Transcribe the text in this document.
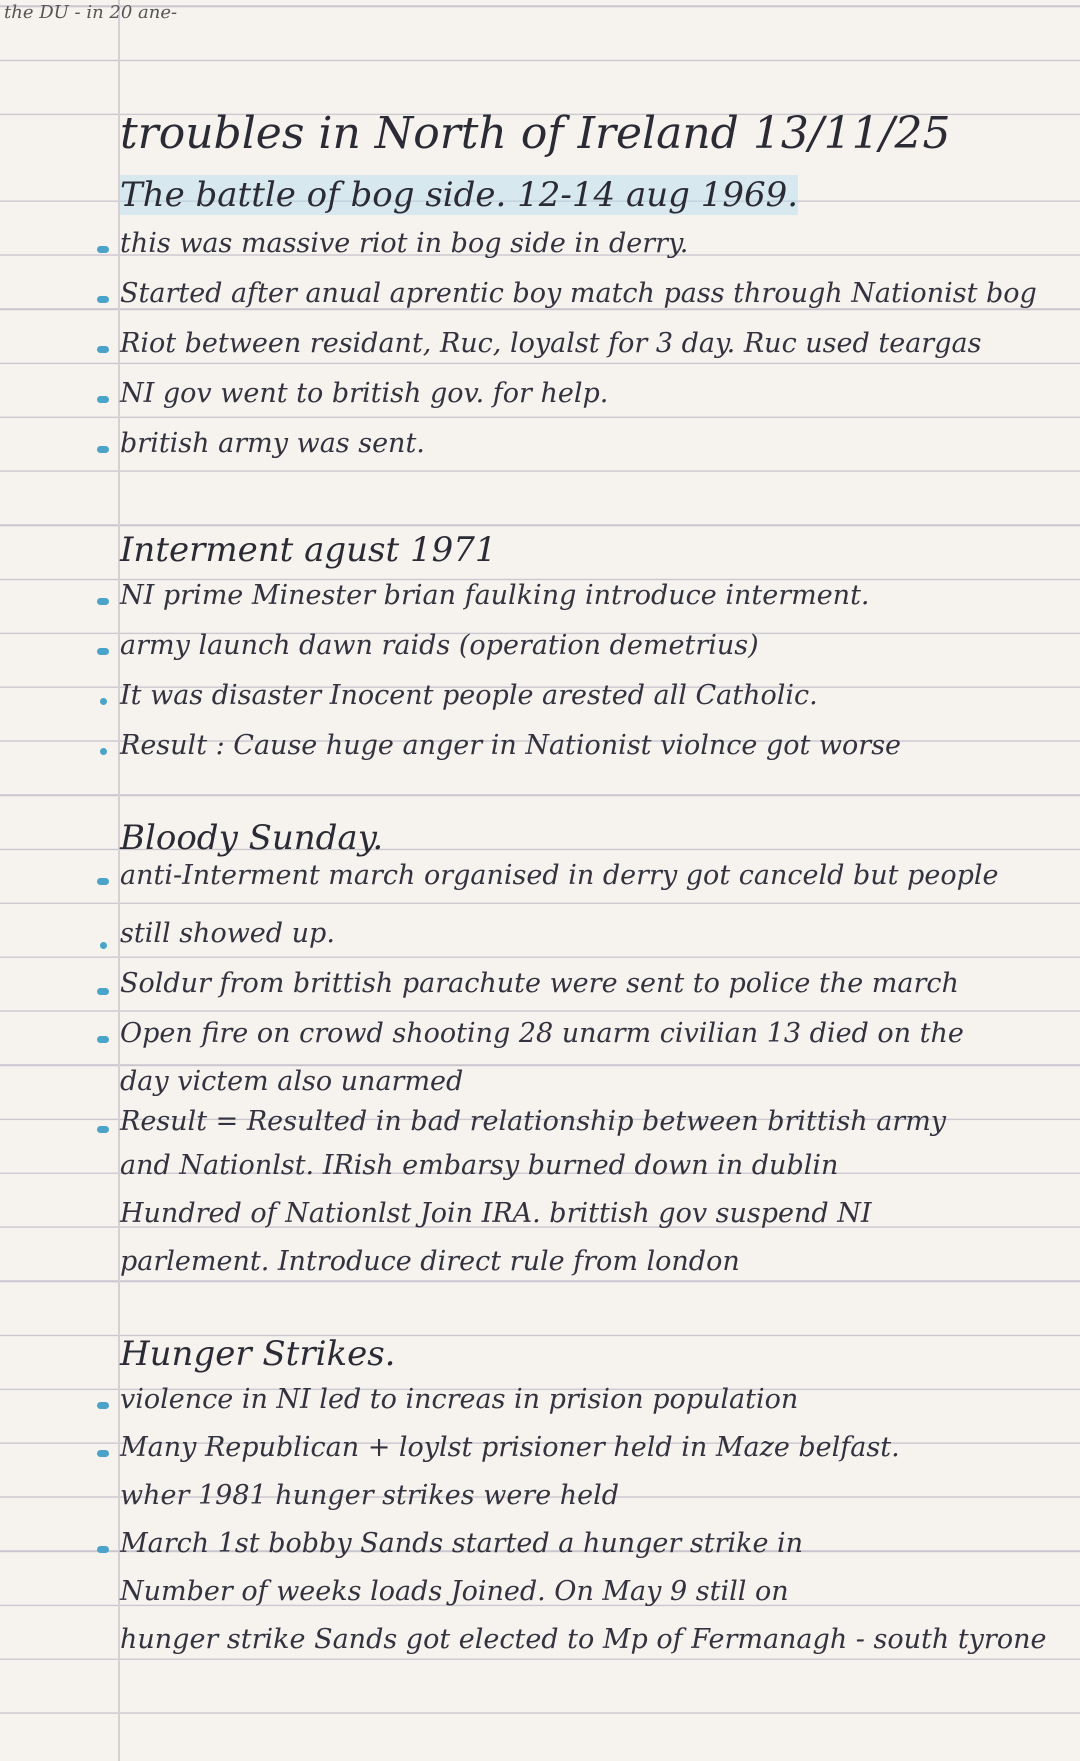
the DU - in 20 ane-
troubles in North of Ireland 13/11/25
The battle of bog side. 12-14 aug 1969.
this was massive riot in bog side in derry.
Started after anual aprentic boy match pass through Nationist bog
Riot between residant, Ruc, loyalst for 3 day. Ruc used teargas
NI gov went to british gov. for help.
british army was sent.
Interment agust 1971
NI prime Minester brian faulking introduce interment.
army launch dawn raids (operation demetrius)
It was disaster Inocent people arested all Catholic.
Result : Cause huge anger in Nationist violnce got worse
Bloody Sunday.
anti-Interment march organised in derry got canceld but people
still showed up.
Soldur from brittish parachute were sent to police the march
Open fire on crowd shooting 28 unarm civilian 13 died on the
day victem also unarmed
Result = Resulted in bad relationship between brittish army
and Nationlst. IRish embarsy burned down in dublin
Hundred of Nationlst Join IRA. brittish gov suspend NI
parlement. Introduce direct rule from london
Hunger Strikes.
violence in NI led to increas in prision population
Many Republican + loylst prisioner held in Maze belfast.
wher 1981 hunger strikes were held
March 1st bobby Sands started a hunger strike in
Number of weeks loads Joined. On May 9 still on
hunger strike Sands got elected to Mp of Fermanagh - south tyrone
